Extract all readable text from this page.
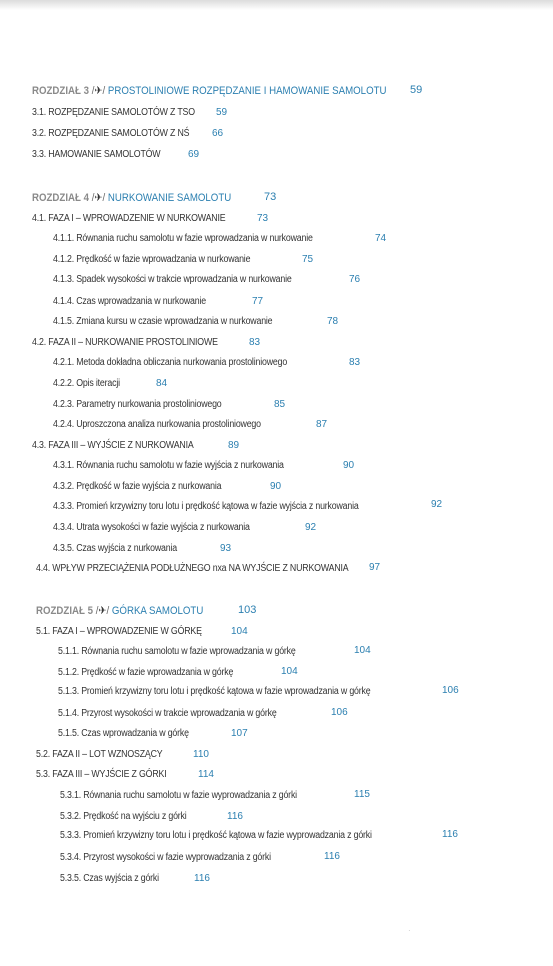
ROZDZIAŁ 3 /✈/ PROSTOLINIOWE ROZPĘDZANIE I HAMOWANIE SAMOLOTU 59
3.1. ROZPĘDZANIE SAMOLOTÓW Z TSO 59
3.2. ROZPĘDZANIE SAMOLOTÓW Z NŚ 66
3.3. HAMOWANIE SAMOLOTÓW	69
ROZDZIAŁ 4 /✈/ NURKOWANIE SAMOLOTU	73
4.1. FAZA I – WPROWADZENIE W NURKOWANIE	73
4.1.1. Równania ruchu samolotu w fazie wprowadzania w nurkowanie	74
4.1.2. Prędkość w fazie wprowadzania w nurkowanie	75
4.1.3. Spadek wysokości w trakcie wprowadzania w nurkowanie	76
4.1.4. Czas wprowadzania w nurkowanie	77
4.1.5. Zmiana kursu w czasie wprowadzania w nurkowanie	78
4.2. FAZA II – NURKOWANIE PROSTOLINIOWE	83
4.2.1. Metoda dokładna obliczania nurkowania prostoliniowego	83
4.2.2. Opis iteracji	84
4.2.3. Parametry nurkowania prostoliniowego	85
4.2.4. Uproszczona analiza nurkowania prostoliniowego	87
4.3. FAZA III – WYJŚCIE Z NURKOWANIA	89
4.3.1. Równania ruchu samolotu w fazie wyjścia z nurkowania	90
4.3.2. Prędkość w fazie wyjścia z nurkowania	90
4.3.3. Promień krzywizny toru lotu i prędkość kątowa w fazie wyjścia z nurkowania	92
4.3.4. Utrata wysokości w fazie wyjścia z nurkowania	92
4.3.5. Czas wyjścia z nurkowania	93
4.4. WPŁYW PRZECIĄŻENIA PODŁUŻNEGO nxa NA WYJŚCIE Z NURKOWANIA 97
ROZDZIAŁ 5 /✈/ GÓRKA SAMOLOTU	103
5.1. FAZA I – WPROWADZENIE W GÓRKĘ	104
5.1.1. Równania ruchu samolotu w fazie wprowadzania w górkę	104
5.1.2. Prędkość w fazie wprowadzania w górkę	104
5.1.3. Promień krzywizny toru lotu i prędkość kątowa w fazie wprowadzania w górkę	106
5.1.4. Przyrost wysokości w trakcie wprowadzania w górkę	106
5.1.5. Czas wprowadzania w górkę	107
5.2. FAZA II – LOT WZNOSZĄCY	110
5.3. FAZA III – WYJŚCIE Z GÓRKI	114
5.3.1. Równania ruchu samolotu w fazie wyprowadzania z górki	115
5.3.2. Prędkość na wyjściu z górki	116
5.3.3. Promień krzywizny toru lotu i prędkość kątowa w fazie wyprowadzania z górki	116
5.3.4. Przyrost wysokości w fazie wyprowadzania z górki	116
5.3.5. Czas wyjścia z górki	116
·
